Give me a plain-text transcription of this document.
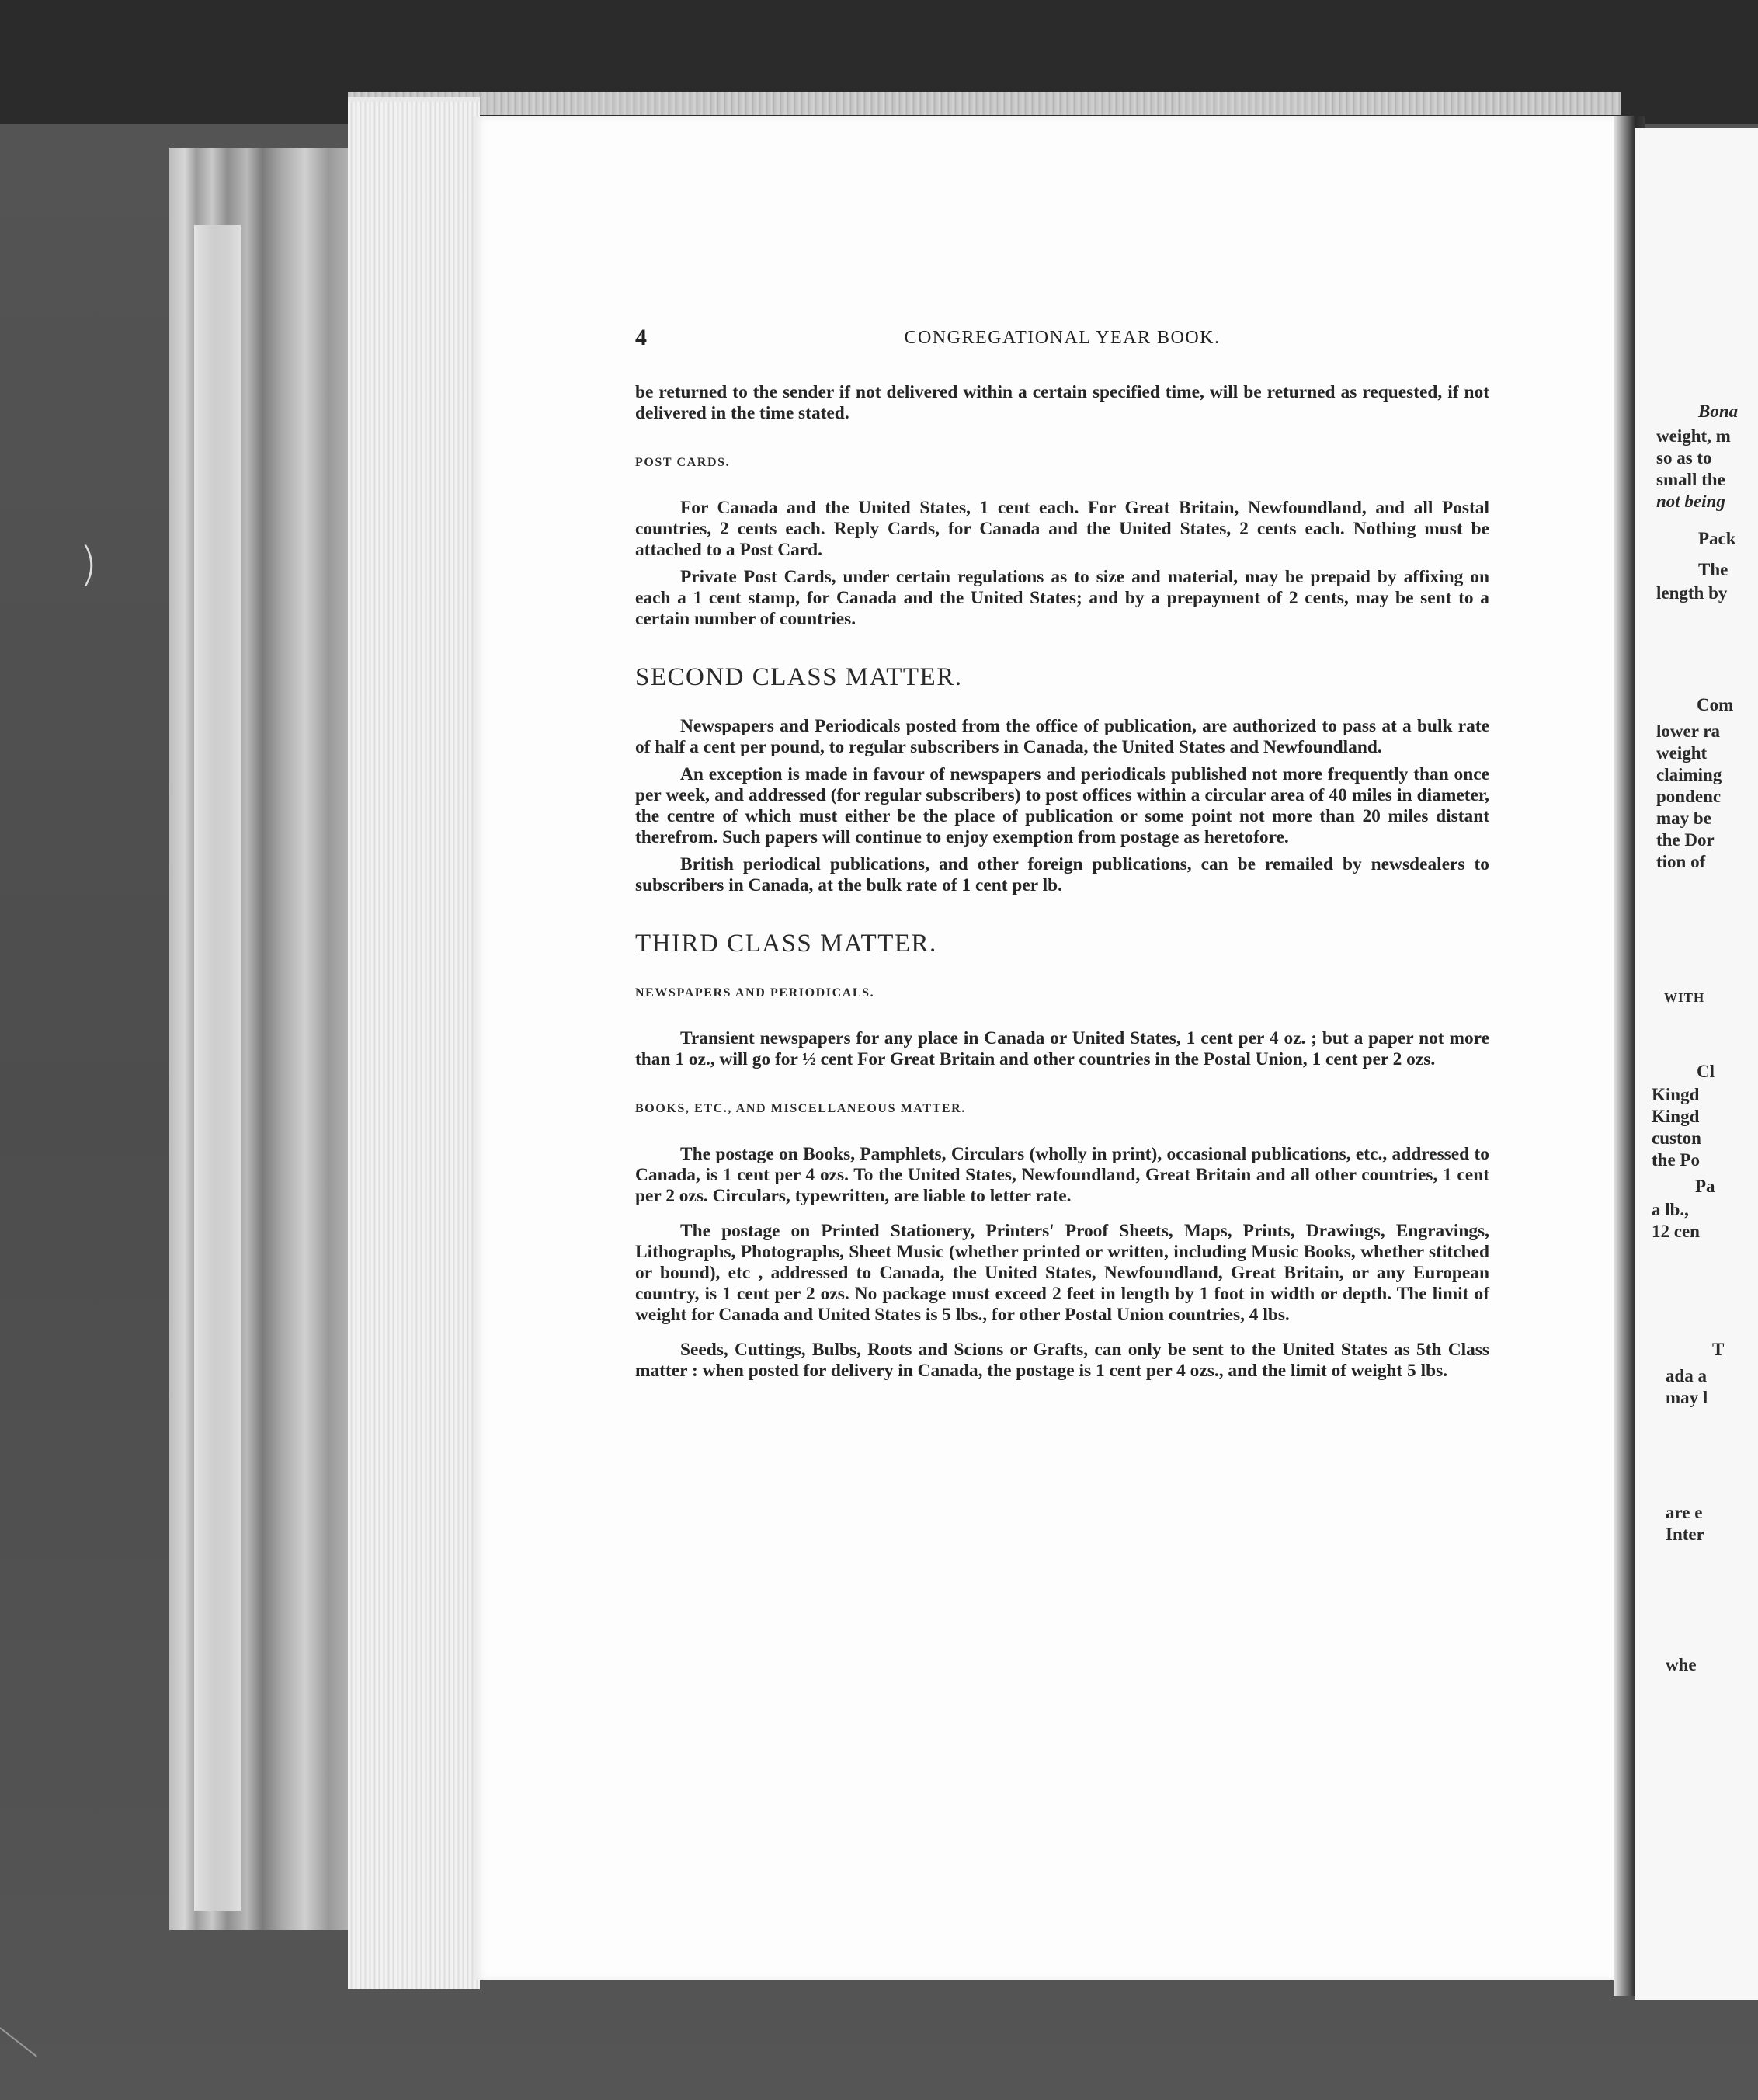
)
4	CONGREGATIONAL YEAR BOOK.

be returned to the sender if not delivered within a certain specified time, will be returned as requested, if not delivered in the time stated.

POST CARDS.

For Canada and the United States, 1 cent each. For Great Britain, Newfoundland, and all Postal countries, 2 cents each. Reply Cards, for Canada and the United States, 2 cents each. Nothing must be attached to a Post Card.

Private Post Cards, under certain regulations as to size and material, may be prepaid by affixing on each a 1 cent stamp, for Canada and the United States; and by a prepayment of 2 cents, may be sent to a certain number of countries.

SECOND CLASS MATTER.

Newspapers and Periodicals posted from the office of publication, are authorized to pass at a bulk rate of half a cent per pound, to regular subscribers in Canada, the United States and Newfoundland.

An exception is made in favour of newspapers and periodicals published not more frequently than once per week, and addressed (for regular subscribers) to post offices within a circular area of 40 miles in diameter, the centre of which must either be the place of publication or some point not more than 20 miles distant therefrom. Such papers will continue to enjoy exemption from postage as heretofore.

British periodical publications, and other foreign publications, can be remailed by newsdealers to subscribers in Canada, at the bulk rate of 1 cent per lb.

THIRD CLASS MATTER.

NEWSPAPERS AND PERIODICALS.

Transient newspapers for any place in Canada or United States, 1 cent per 4 oz. ; but a paper not more than 1 oz., will go for ½ cent For Great Britain and other countries in the Postal Union, 1 cent per 2 ozs.

BOOKS, ETC., AND MISCELLANEOUS MATTER.

The postage on Books, Pamphlets, Circulars (wholly in print), occasional publications, etc., addressed to Canada, is 1 cent per 4 ozs. To the United States, Newfoundland, Great Britain and all other countries, 1 cent per 2 ozs. Circulars, typewritten, are liable to letter rate.

The postage on Printed Stationery, Printers' Proof Sheets, Maps, Prints, Drawings, Engravings, Lithographs, Photographs, Sheet Music (whether printed or written, including Music Books, whether stitched or bound), etc , addressed to Canada, the United States, Newfoundland, Great Britain, or any European country, is 1 cent per 2 ozs. No package must exceed 2 feet in length by 1 foot in width or depth. The limit of weight for Canada and United States is 5 lbs., for other Postal Union countries, 4 lbs.

Seeds, Cuttings, Bulbs, Roots and Scions or Grafts, can only be sent to the United States as 5th Class matter : when posted for delivery in Canada, the postage is 1 cent per 4 ozs., and the limit of weight 5 lbs.

Bona
weight, m
so as to
small the
not being
Pack
The
length by
Com
lower ra
weight
claiming
pondenc
may be
the Dor
tion of
WITH
Cl
Kingd
Kingd
custon
the Po
Pa
a lb.,
12 cen
T
ada a
may l
are e
Inter
whe
